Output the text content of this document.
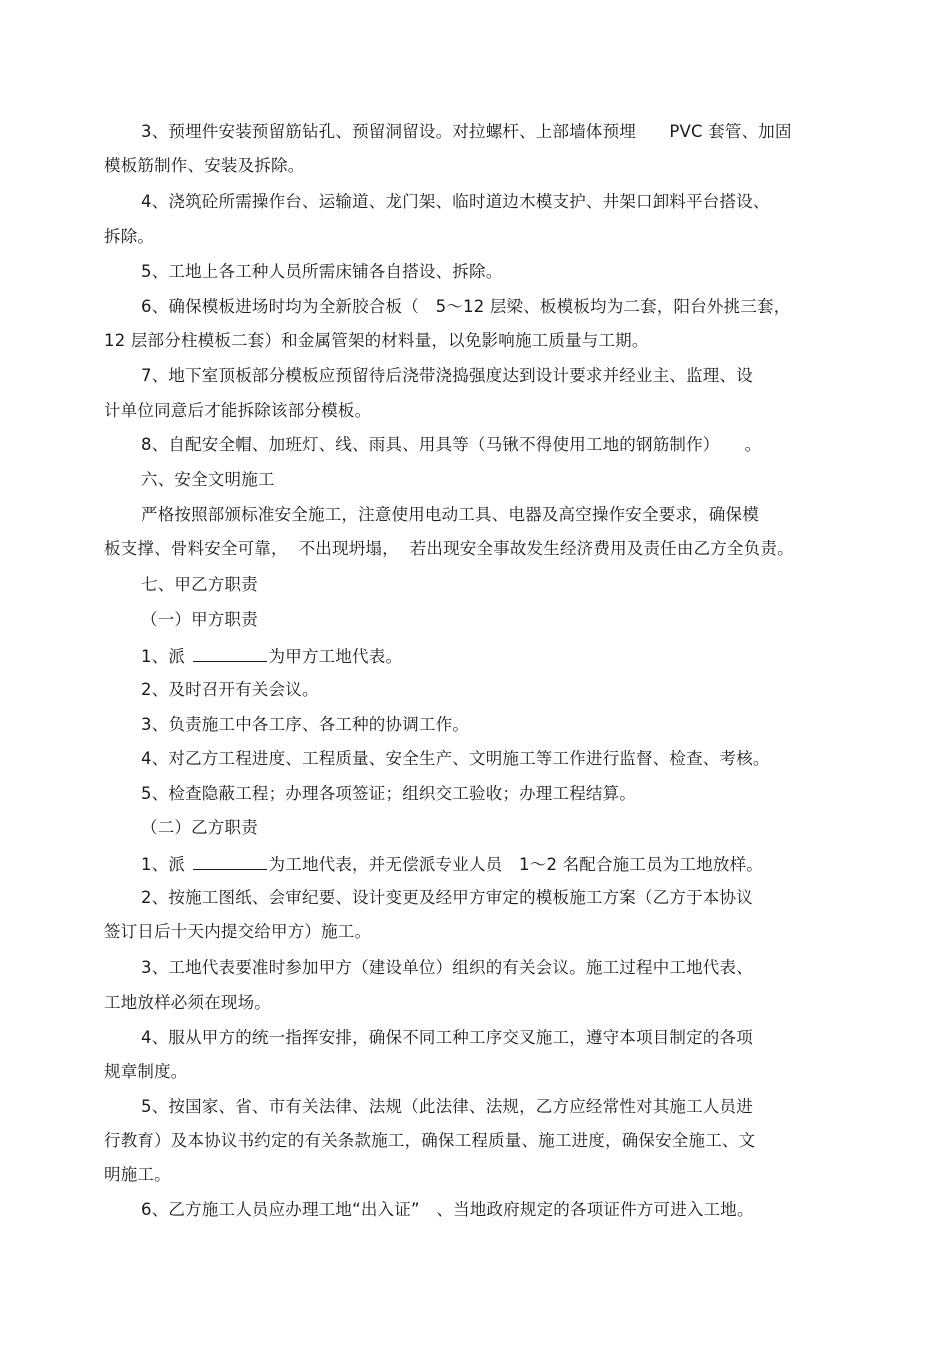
3、预埋件安装预留筋钻孔、预留洞留设。对拉螺杆、上部墙体预埋　　PVC 套管、加固
模板筋制作、安装及拆除。
4、浇筑砼所需操作台、运输道、龙门架、临时道边木模支护、井架口卸料平台搭设、
拆除。
5、工地上各工种人员所需床铺各自搭设、拆除。
6、确保模板进场时均为全新胶合板（　5～12 层梁、板模板均为二套，阳台外挑三套，
12 层部分柱模板二套）和金属管架的材料量，以免影响施工质量与工期。
7、地下室顶板部分模板应预留待后浇带浇捣强度达到设计要求并经业主、监理、设
计单位同意后才能拆除该部分模板。
8、自配安全帽、加班灯、线、雨具、用具等（马锹不得使用工地的钢筋制作）　　。
六、安全文明施工
严格按照部颁标准安全施工，注意使用电动工具、电器及高空操作安全要求，确保模
板支撑、骨料安全可靠，  不出现坍塌，  若出现安全事故发生经济费用及责任由乙方全负责。
七、甲乙方职责
（一）甲方职责
1、派	为甲方工地代表。
2、及时召开有关会议。
3、负责施工中各工序、各工种的协调工作。
4、对乙方工程进度、工程质量、安全生产、文明施工等工作进行监督、检查、考核。
5、检查隐蔽工程；办理各项签证；组织交工验收；办理工程结算。
（二）乙方职责
1、派	为工地代表，并无偿派专业人员　1～2 名配合施工员为工地放样。
2、按施工图纸、会审纪要、设计变更及经甲方审定的模板施工方案（乙方于本协议
签订日后十天内提交给甲方）施工。
3、工地代表要准时参加甲方（建设单位）组织的有关会议。施工过程中工地代表、
工地放样必须在现场。
4、服从甲方的统一指挥安排，确保不同工种工序交叉施工，遵守本项目制定的各项
规章制度。
5、按国家、省、市有关法律、法规（此法律、法规，乙方应经常性对其施工人员进
行教育）及本协议书约定的有关条款施工，确保工程质量、施工进度，确保安全施工、文
明施工。
6、乙方施工人员应办理工地“出入证”　、当地政府规定的各项证件方可进入工地。
